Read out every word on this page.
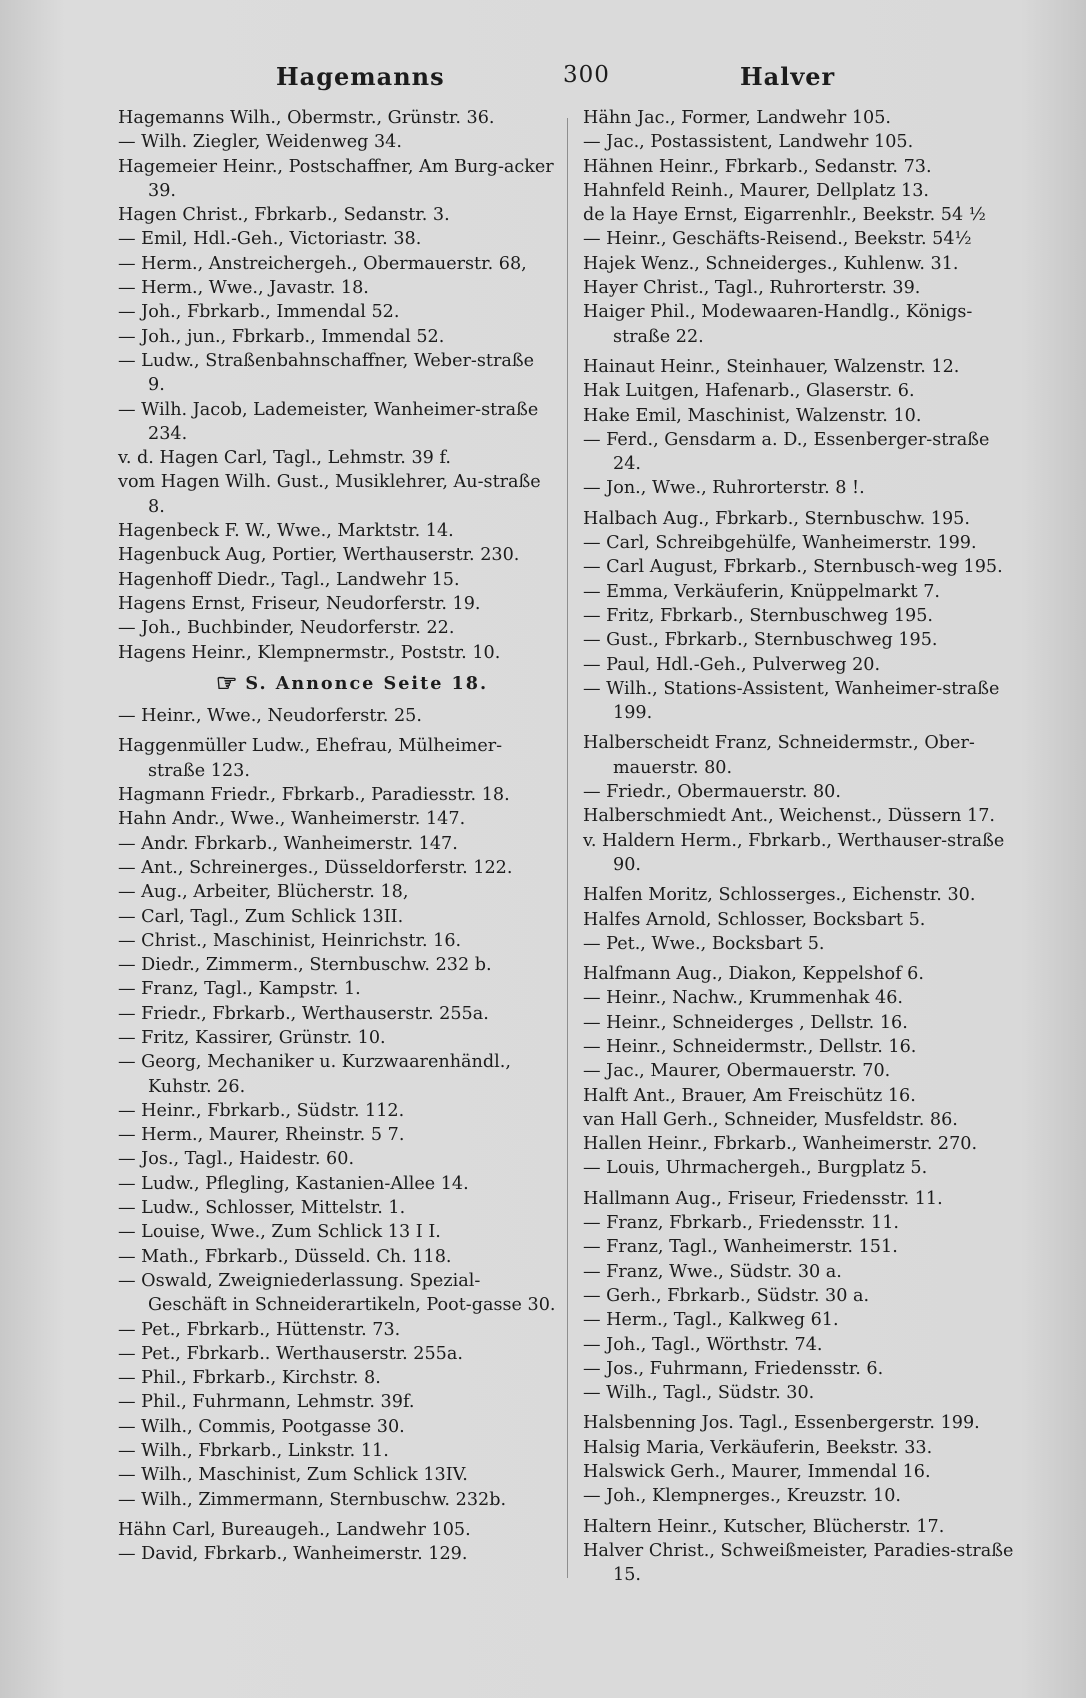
Hagemanns	300	Halver
Hagemanns Wilh., Obermstr., Grünstr. 36.
— Wilh. Ziegler, Weidenweg 34.
Hagemeier Heinr., Postschaffner, Am Burg-acker 39.
Hagen Christ., Fbrkarb., Sedanstr. 3.
— Emil, Hdl.-Geh., Victoriastr. 38.
— Herm., Anstreichergeh., Obermauerstr. 68,
— Herm., Wwe., Javastr. 18.
— Joh., Fbrkarb., Immendal 52.
— Joh., jun., Fbrkarb., Immendal 52.
— Ludw., Straßenbahnschaffner, Weber-straße 9.
— Wilh. Jacob, Lademeister, Wanheimer-straße 234.
v. d. Hagen Carl, Tagl., Lehmstr. 39 f.
vom Hagen Wilh. Gust., Musiklehrer, Au-straße 8.
Hagenbeck F. W., Wwe., Marktstr. 14.
Hagenbuck Aug, Portier, Werthauserstr. 230.
Hagenhoff Diedr., Tagl., Landwehr 15.
Hagens Ernst, Friseur, Neudorferstr. 19.
— Joh., Buchbinder, Neudorferstr. 22.
Hagens Heinr., Klempnermstr., Poststr. 10.
☞ S. Annonce Seite 18.
— Heinr., Wwe., Neudorferstr. 25.
Haggenmüller Ludw., Ehefrau, Mülheimer-straße 123.
Hagmann Friedr., Fbrkarb., Paradiesstr. 18.
Hahn Andr., Wwe., Wanheimerstr. 147.
— Andr. Fbrkarb., Wanheimerstr. 147.
— Ant., Schreinerges., Düsseldorferstr. 122.
— Aug., Arbeiter, Blücherstr. 18,
— Carl, Tagl., Zum Schlick 13II.
— Christ., Maschinist, Heinrichstr. 16.
— Diedr., Zimmerm., Sternbuschw. 232 b.
— Franz, Tagl., Kampstr. 1.
— Friedr., Fbrkarb., Werthauserstr. 255a.
— Fritz, Kassirer, Grünstr. 10.
— Georg, Mechaniker u. Kurzwaarenhändl., Kuhstr. 26.
— Heinr., Fbrkarb., Südstr. 112.
— Herm., Maurer, Rheinstr. 5 7.
— Jos., Tagl., Haidestr. 60.
— Ludw., Pflegling, Kastanien-Allee 14.
— Ludw., Schlosser, Mittelstr. 1.
— Louise, Wwe., Zum Schlick 13 I I.
— Math., Fbrkarb., Düsseld. Ch. 118.
— Oswald, Zweigniederlassung. Spezial-Geschäft in Schneiderartikeln, Poot-gasse 30.
— Pet., Fbrkarb., Hüttenstr. 73.
— Pet., Fbrkarb.. Werthauserstr. 255a.
— Phil., Fbrkarb., Kirchstr. 8.
— Phil., Fuhrmann, Lehmstr. 39f.
— Wilh., Commis, Pootgasse 30.
— Wilh., Fbrkarb., Linkstr. 11.
— Wilh., Maschinist, Zum Schlick 13IV.
— Wilh., Zimmermann, Sternbuschw. 232b.
Hähn Carl, Bureaugeh., Landwehr 105.
— David, Fbrkarb., Wanheimerstr. 129.
Hähn Jac., Former, Landwehr 105.
— Jac., Postassistent, Landwehr 105.
Hähnen Heinr., Fbrkarb., Sedanstr. 73.
Hahnfeld Reinh., Maurer, Dellplatz 13.
de la Haye Ernst, Eigarrenhlr., Beekstr. 54 ½
— Heinr., Geschäfts-Reisend., Beekstr. 54½
Hajek Wenz., Schneiderges., Kuhlenw. 31.
Hayer Christ., Tagl., Ruhrorterstr. 39.
Haiger Phil., Modewaaren-Handlg., Königs-straße 22.
Hainaut Heinr., Steinhauer, Walzenstr. 12.
Hak Luitgen, Hafenarb., Glaserstr. 6.
Hake Emil, Maschinist, Walzenstr. 10.
— Ferd., Gensdarm a. D., Essenberger-straße 24.
— Jon., Wwe., Ruhrorterstr. 8 !.
Halbach Aug., Fbrkarb., Sternbuschw. 195.
— Carl, Schreibgehülfe, Wanheimerstr. 199.
— Carl August, Fbrkarb., Sternbusch-weg 195.
— Emma, Verkäuferin, Knüppelmarkt 7.
— Fritz, Fbrkarb., Sternbuschweg 195.
— Gust., Fbrkarb., Sternbuschweg 195.
— Paul, Hdl.-Geh., Pulverweg 20.
— Wilh., Stations-Assistent, Wanheimer-straße 199.
Halberscheidt Franz, Schneidermstr., Ober-mauerstr. 80.
— Friedr., Obermauerstr. 80.
Halberschmiedt Ant., Weichenst., Düssern 17.
v. Haldern Herm., Fbrkarb., Werthauser-straße 90.
Halfen Moritz, Schlosserges., Eichenstr. 30.
Halfes Arnold, Schlosser, Bocksbart 5.
— Pet., Wwe., Bocksbart 5.
Halfmann Aug., Diakon, Keppelshof 6.
— Heinr., Nachw., Krummenhak 46.
— Heinr., Schneiderges , Dellstr. 16.
— Heinr., Schneidermstr., Dellstr. 16.
— Jac., Maurer, Obermauerstr. 70.
Halft Ant., Brauer, Am Freischütz 16.
van Hall Gerh., Schneider, Musfeldstr. 86.
Hallen Heinr., Fbrkarb., Wanheimerstr. 270.
— Louis, Uhrmachergeh., Burgplatz 5.
Hallmann Aug., Friseur, Friedensstr. 11.
— Franz, Fbrkarb., Friedensstr. 11.
— Franz, Tagl., Wanheimerstr. 151.
— Franz, Wwe., Südstr. 30 a.
— Gerh., Fbrkarb., Südstr. 30 a.
— Herm., Tagl., Kalkweg 61.
— Joh., Tagl., Wörthstr. 74.
— Jos., Fuhrmann, Friedensstr. 6.
— Wilh., Tagl., Südstr. 30.
Halsbenning Jos. Tagl., Essenbergerstr. 199.
Halsig Maria, Verkäuferin, Beekstr. 33.
Halswick Gerh., Maurer, Immendal 16.
— Joh., Klempnerges., Kreuzstr. 10.
Haltern Heinr., Kutscher, Blücherstr. 17.
Halver Christ., Schweißmeister, Paradies-straße 15.
